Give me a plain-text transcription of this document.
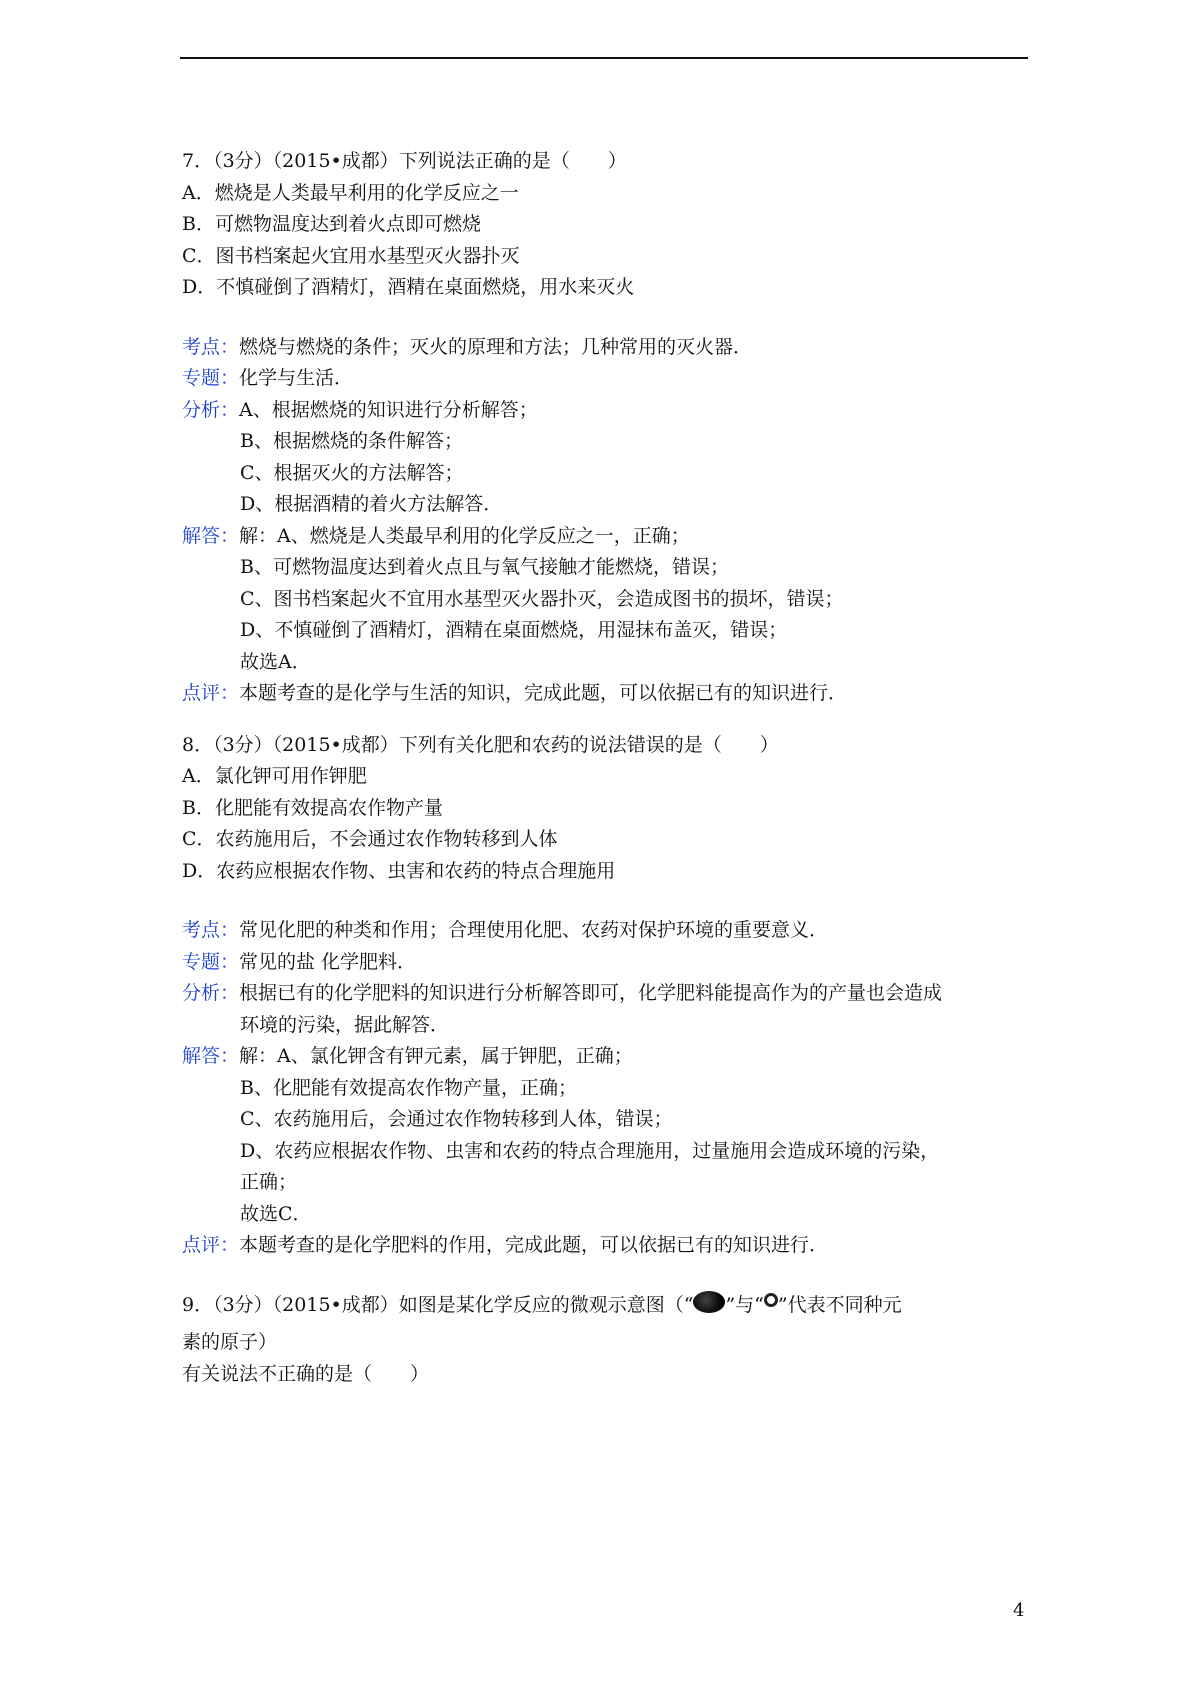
7．（3分）（2015•成都）下列说法正确的是（　　）
A．燃烧是人类最早利用的化学反应之一
B．可燃物温度达到着火点即可燃烧
C．图书档案起火宜用水基型灭火器扑灭
D．不慎碰倒了酒精灯，酒精在桌面燃烧，用水来灭火
考点：燃烧与燃烧的条件；灭火的原理和方法；几种常用的灭火器．
专题：化学与生活．
分析：A、根据燃烧的知识进行分析解答；
B、根据燃烧的条件解答；
C、根据灭火的方法解答；
D、根据酒精的着火方法解答．
解答：解：A、燃烧是人类最早利用的化学反应之一，正确；
B、可燃物温度达到着火点且与氧气接触才能燃烧，错误；
C、图书档案起火不宜用水基型灭火器扑灭，会造成图书的损坏，错误；
D、不慎碰倒了酒精灯，酒精在桌面燃烧，用湿抹布盖灭，错误；
故选A．
点评：本题考查的是化学与生活的知识，完成此题，可以依据已有的知识进行．
8．（3分）（2015•成都）下列有关化肥和农药的说法错误的是（　　）
A．氯化钾可用作钾肥
B．化肥能有效提高农作物产量
C．农药施用后，不会通过农作物转移到人体
D．农药应根据农作物、虫害和农药的特点合理施用
考点：常见化肥的种类和作用；合理使用化肥、农药对保护环境的重要意义．
专题：常见的盐 化学肥料．
分析：根据已有的化学肥料的知识进行分析解答即可，化学肥料能提高作为的产量也会造成
环境的污染，据此解答．
解答：解：A、氯化钾含有钾元素，属于钾肥，正确；
B、化肥能有效提高农作物产量，正确；
C、农药施用后，会通过农作物转移到人体，错误；
D、农药应根据农作物、虫害和农药的特点合理施用，过量施用会造成环境的污染，
正确；
故选C．
点评：本题考查的是化学肥料的作用，完成此题，可以依据已有的知识进行．
9．（3分）（2015•成都）如图是某化学反应的微观示意图（“ ”与“ ”代表不同种元
素的原子）
有关说法不正确的是（　　）
4
